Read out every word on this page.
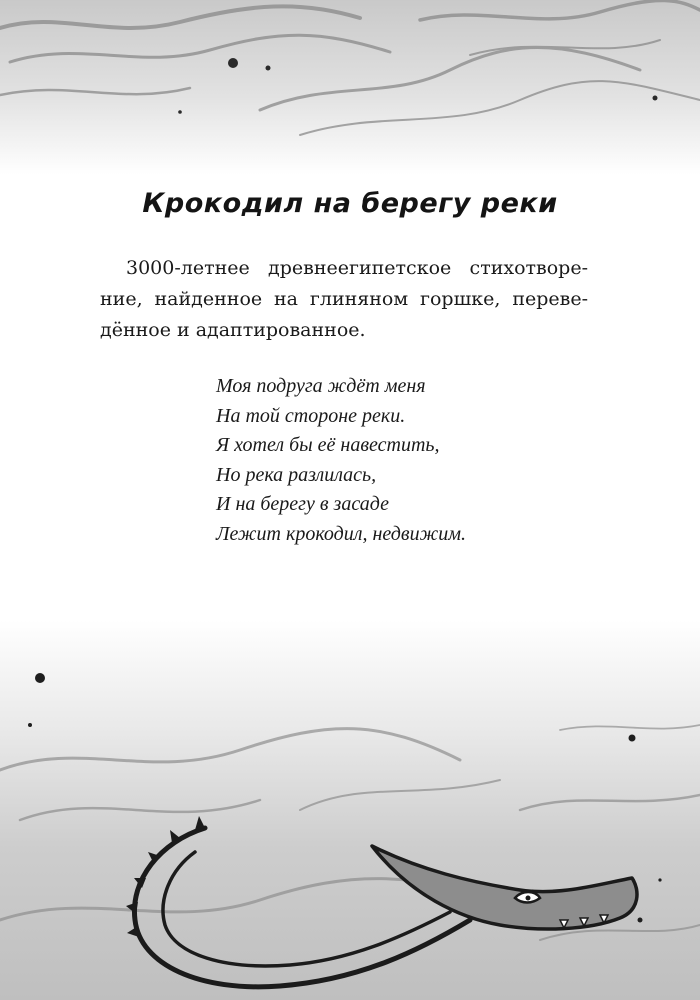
Крокодил на берегу реки

3000-летнее древнеегипетское стихотворение, найденное на глиняном горшке, переведённое и адаптированное.

Моя подруга ждёт меня
На той стороне реки.
Я хотел бы её навестить,
Но река разлилась,
И на берегу в засаде
Лежит крокодил, недвижим.
